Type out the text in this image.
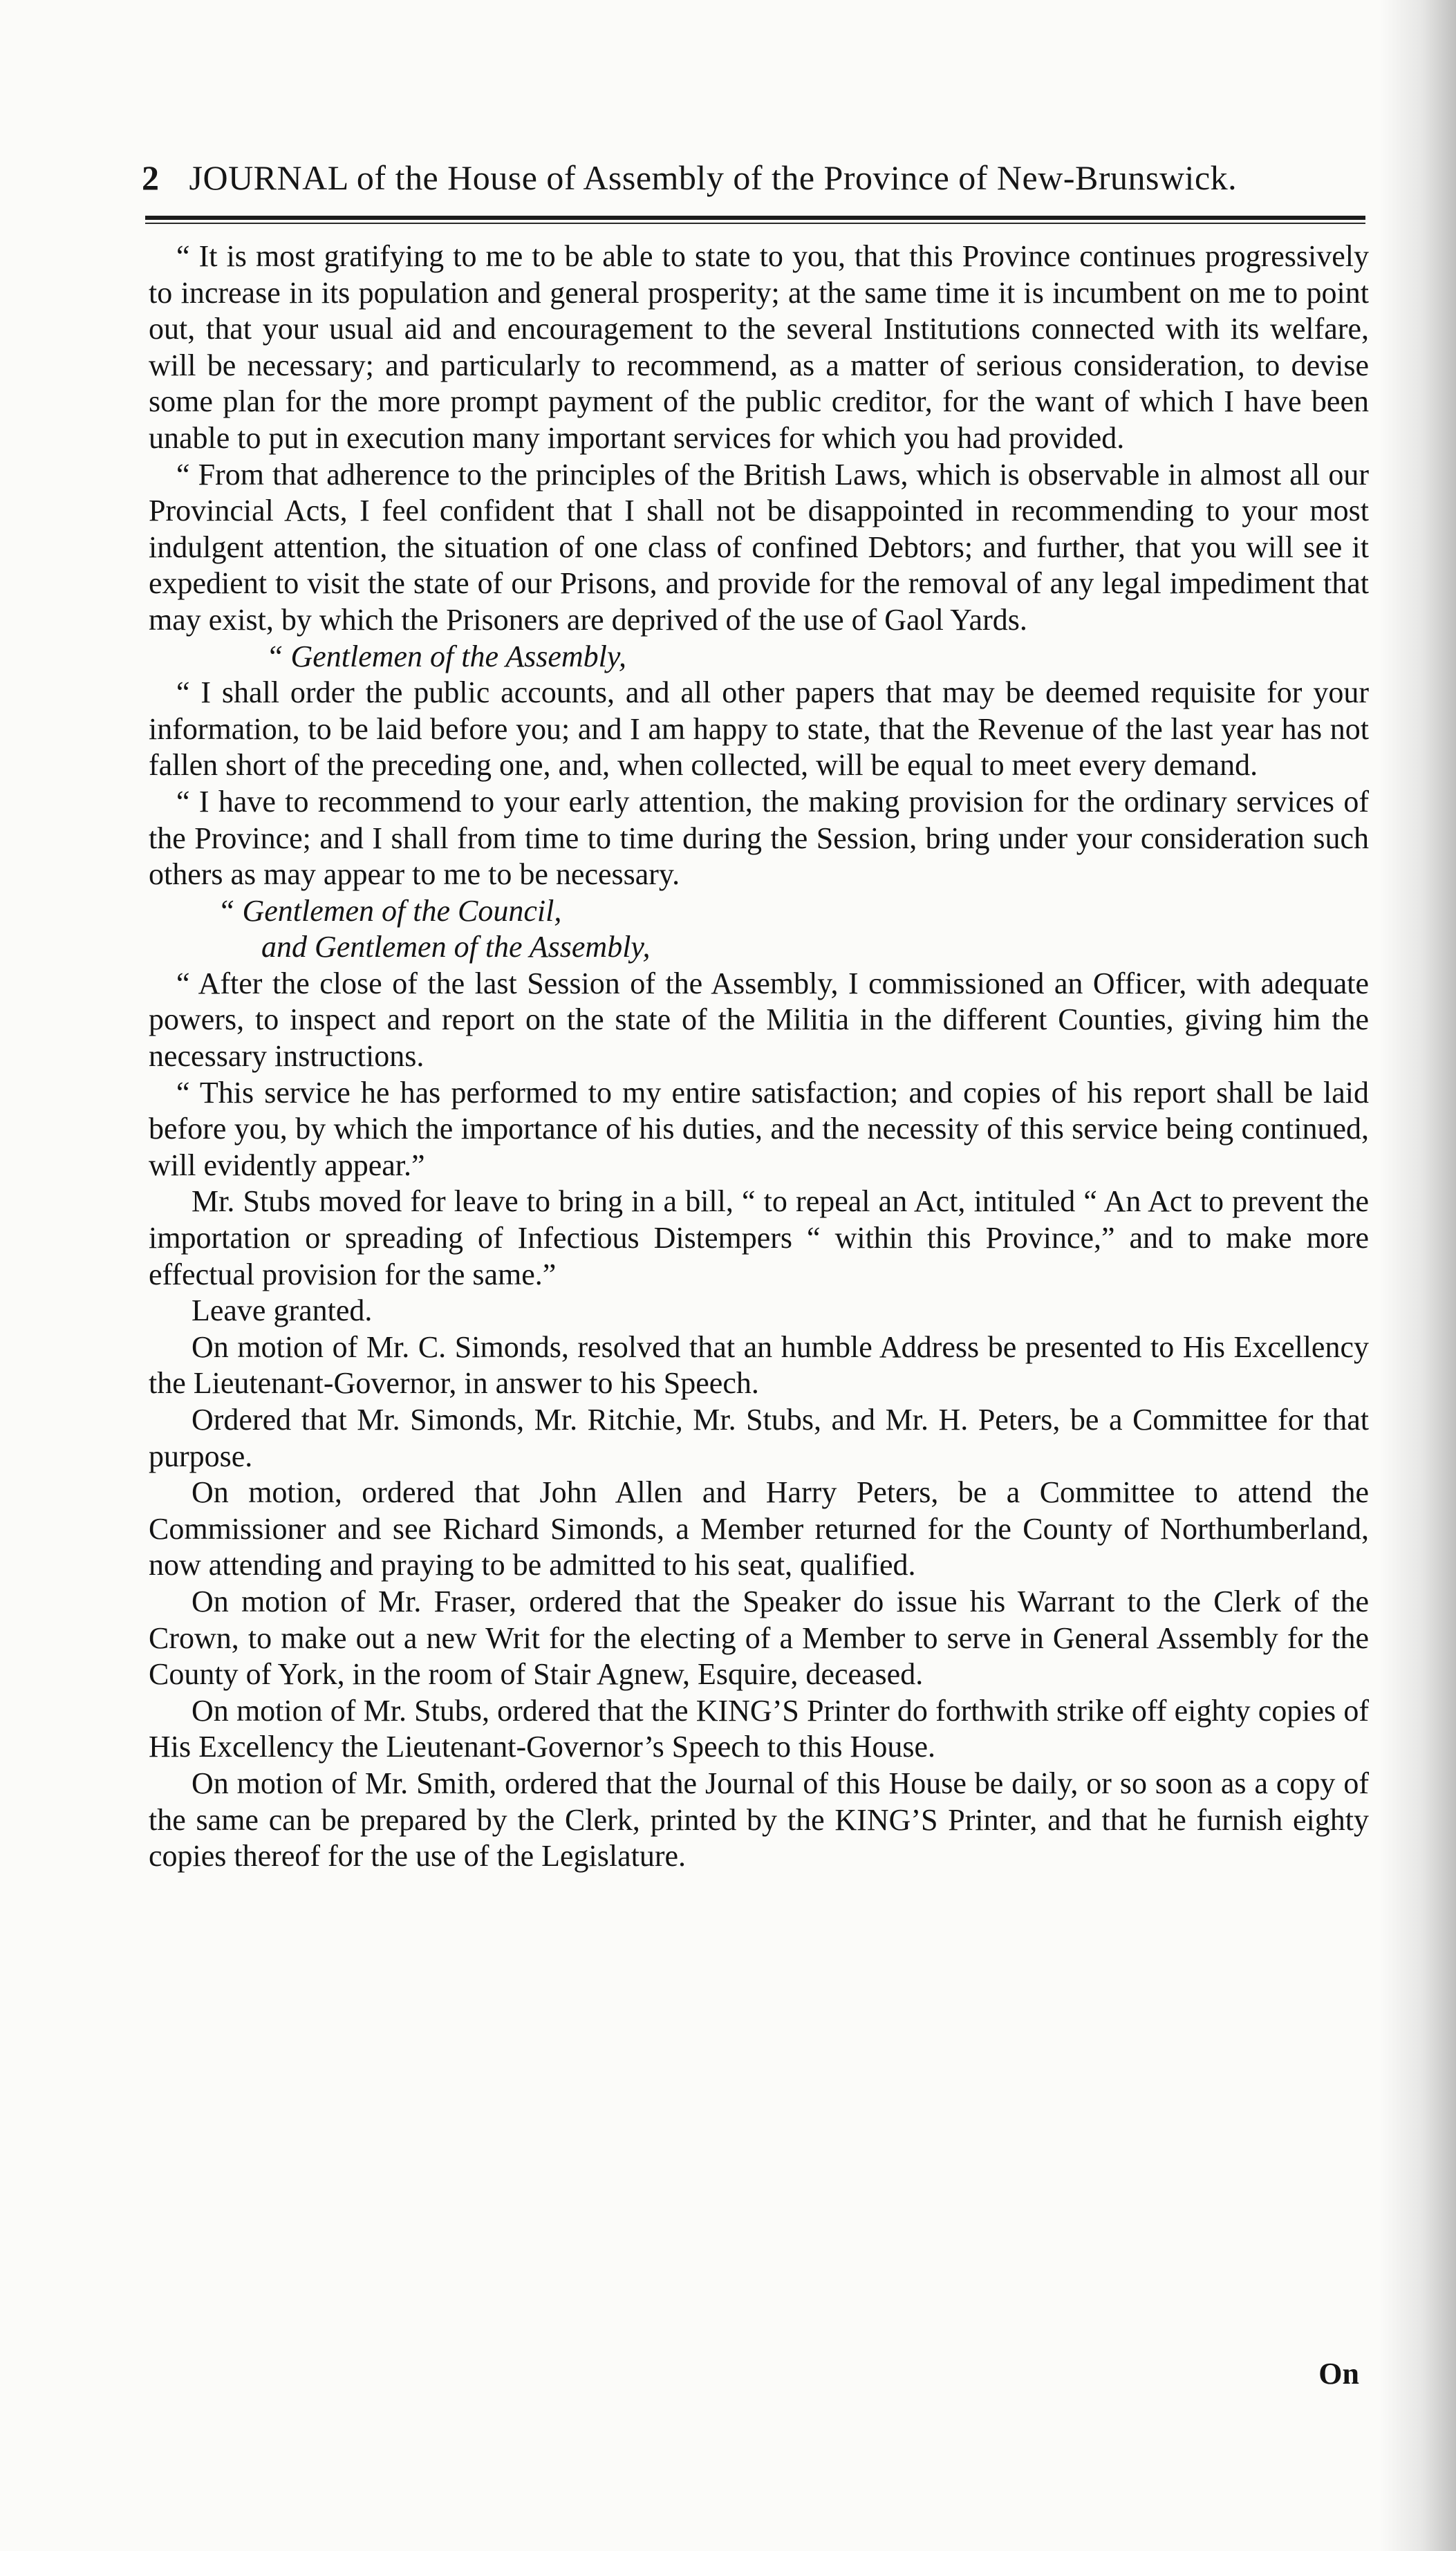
2 JOURNAL of the House of Assembly of the Province of New-Brunswick.

“ It is most gratifying to me to be able to state to you, that this Province continues progressively to increase in its population and general prosperity; at the same time it is incumbent on me to point out, that your usual aid and encouragement to the several Institutions connected with its welfare, will be necessary; and particularly to recommend, as a matter of serious consideration, to devise some plan for the more prompt payment of the public creditor, for the want of which I have been unable to put in execution many important services for which you had provided.

“ From that adherence to the principles of the British Laws, which is observable in almost all our Provincial Acts, I feel confident that I shall not be disappointed in recommending to your most indulgent attention, the situation of one class of confined Debtors; and further, that you will see it expedient to visit the state of our Prisons, and provide for the removal of any legal impediment that may exist, by which the Prisoners are deprived of the use of Gaol Yards.

“ Gentlemen of the Assembly,

“ I shall order the public accounts, and all other papers that may be deemed requisite for your information, to be laid before you; and I am happy to state, that the Revenue of the last year has not fallen short of the preceding one, and, when collected, will be equal to meet every demand.

“ I have to recommend to your early attention, the making provision for the ordinary services of the Province; and I shall from time to time during the Session, bring under your consideration such others as may appear to me to be necessary.

“ Gentlemen of the Council,

and Gentlemen of the Assembly,

“ After the close of the last Session of the Assembly, I commissioned an Officer, with adequate powers, to inspect and report on the state of the Militia in the different Counties, giving him the necessary instructions.

“ This service he has performed to my entire satisfaction; and copies of his report shall be laid before you, by which the importance of his duties, and the necessity of this service being continued, will evidently appear.”

Mr. Stubs moved for leave to bring in a bill, “ to repeal an Act, intituled “ An Act to prevent the importation or spreading of Infectious Distempers “ within this Province,” and to make more effectual provision for the same.”

Leave granted.

On motion of Mr. C. Simonds, resolved that an humble Address be presented to His Excellency the Lieutenant-Governor, in answer to his Speech.

Ordered that Mr. Simonds, Mr. Ritchie, Mr. Stubs, and Mr. H. Peters, be a Committee for that purpose.

On motion, ordered that John Allen and Harry Peters, be a Committee to attend the Commissioner and see Richard Simonds, a Member returned for the County of Northumberland, now attending and praying to be admitted to his seat, qualified.

On motion of Mr. Fraser, ordered that the Speaker do issue his Warrant to the Clerk of the Crown, to make out a new Writ for the electing of a Member to serve in General Assembly for the County of York, in the room of Stair Agnew, Esquire, deceased.

On motion of Mr. Stubs, ordered that the KING’S Printer do forthwith strike off eighty copies of His Excellency the Lieutenant-Governor’s Speech to this House.

On motion of Mr. Smith, ordered that the Journal of this House be daily, or so soon as a copy of the same can be prepared by the Clerk, printed by the KING’S Printer, and that he furnish eighty copies thereof for the use of the Legislature.

On
